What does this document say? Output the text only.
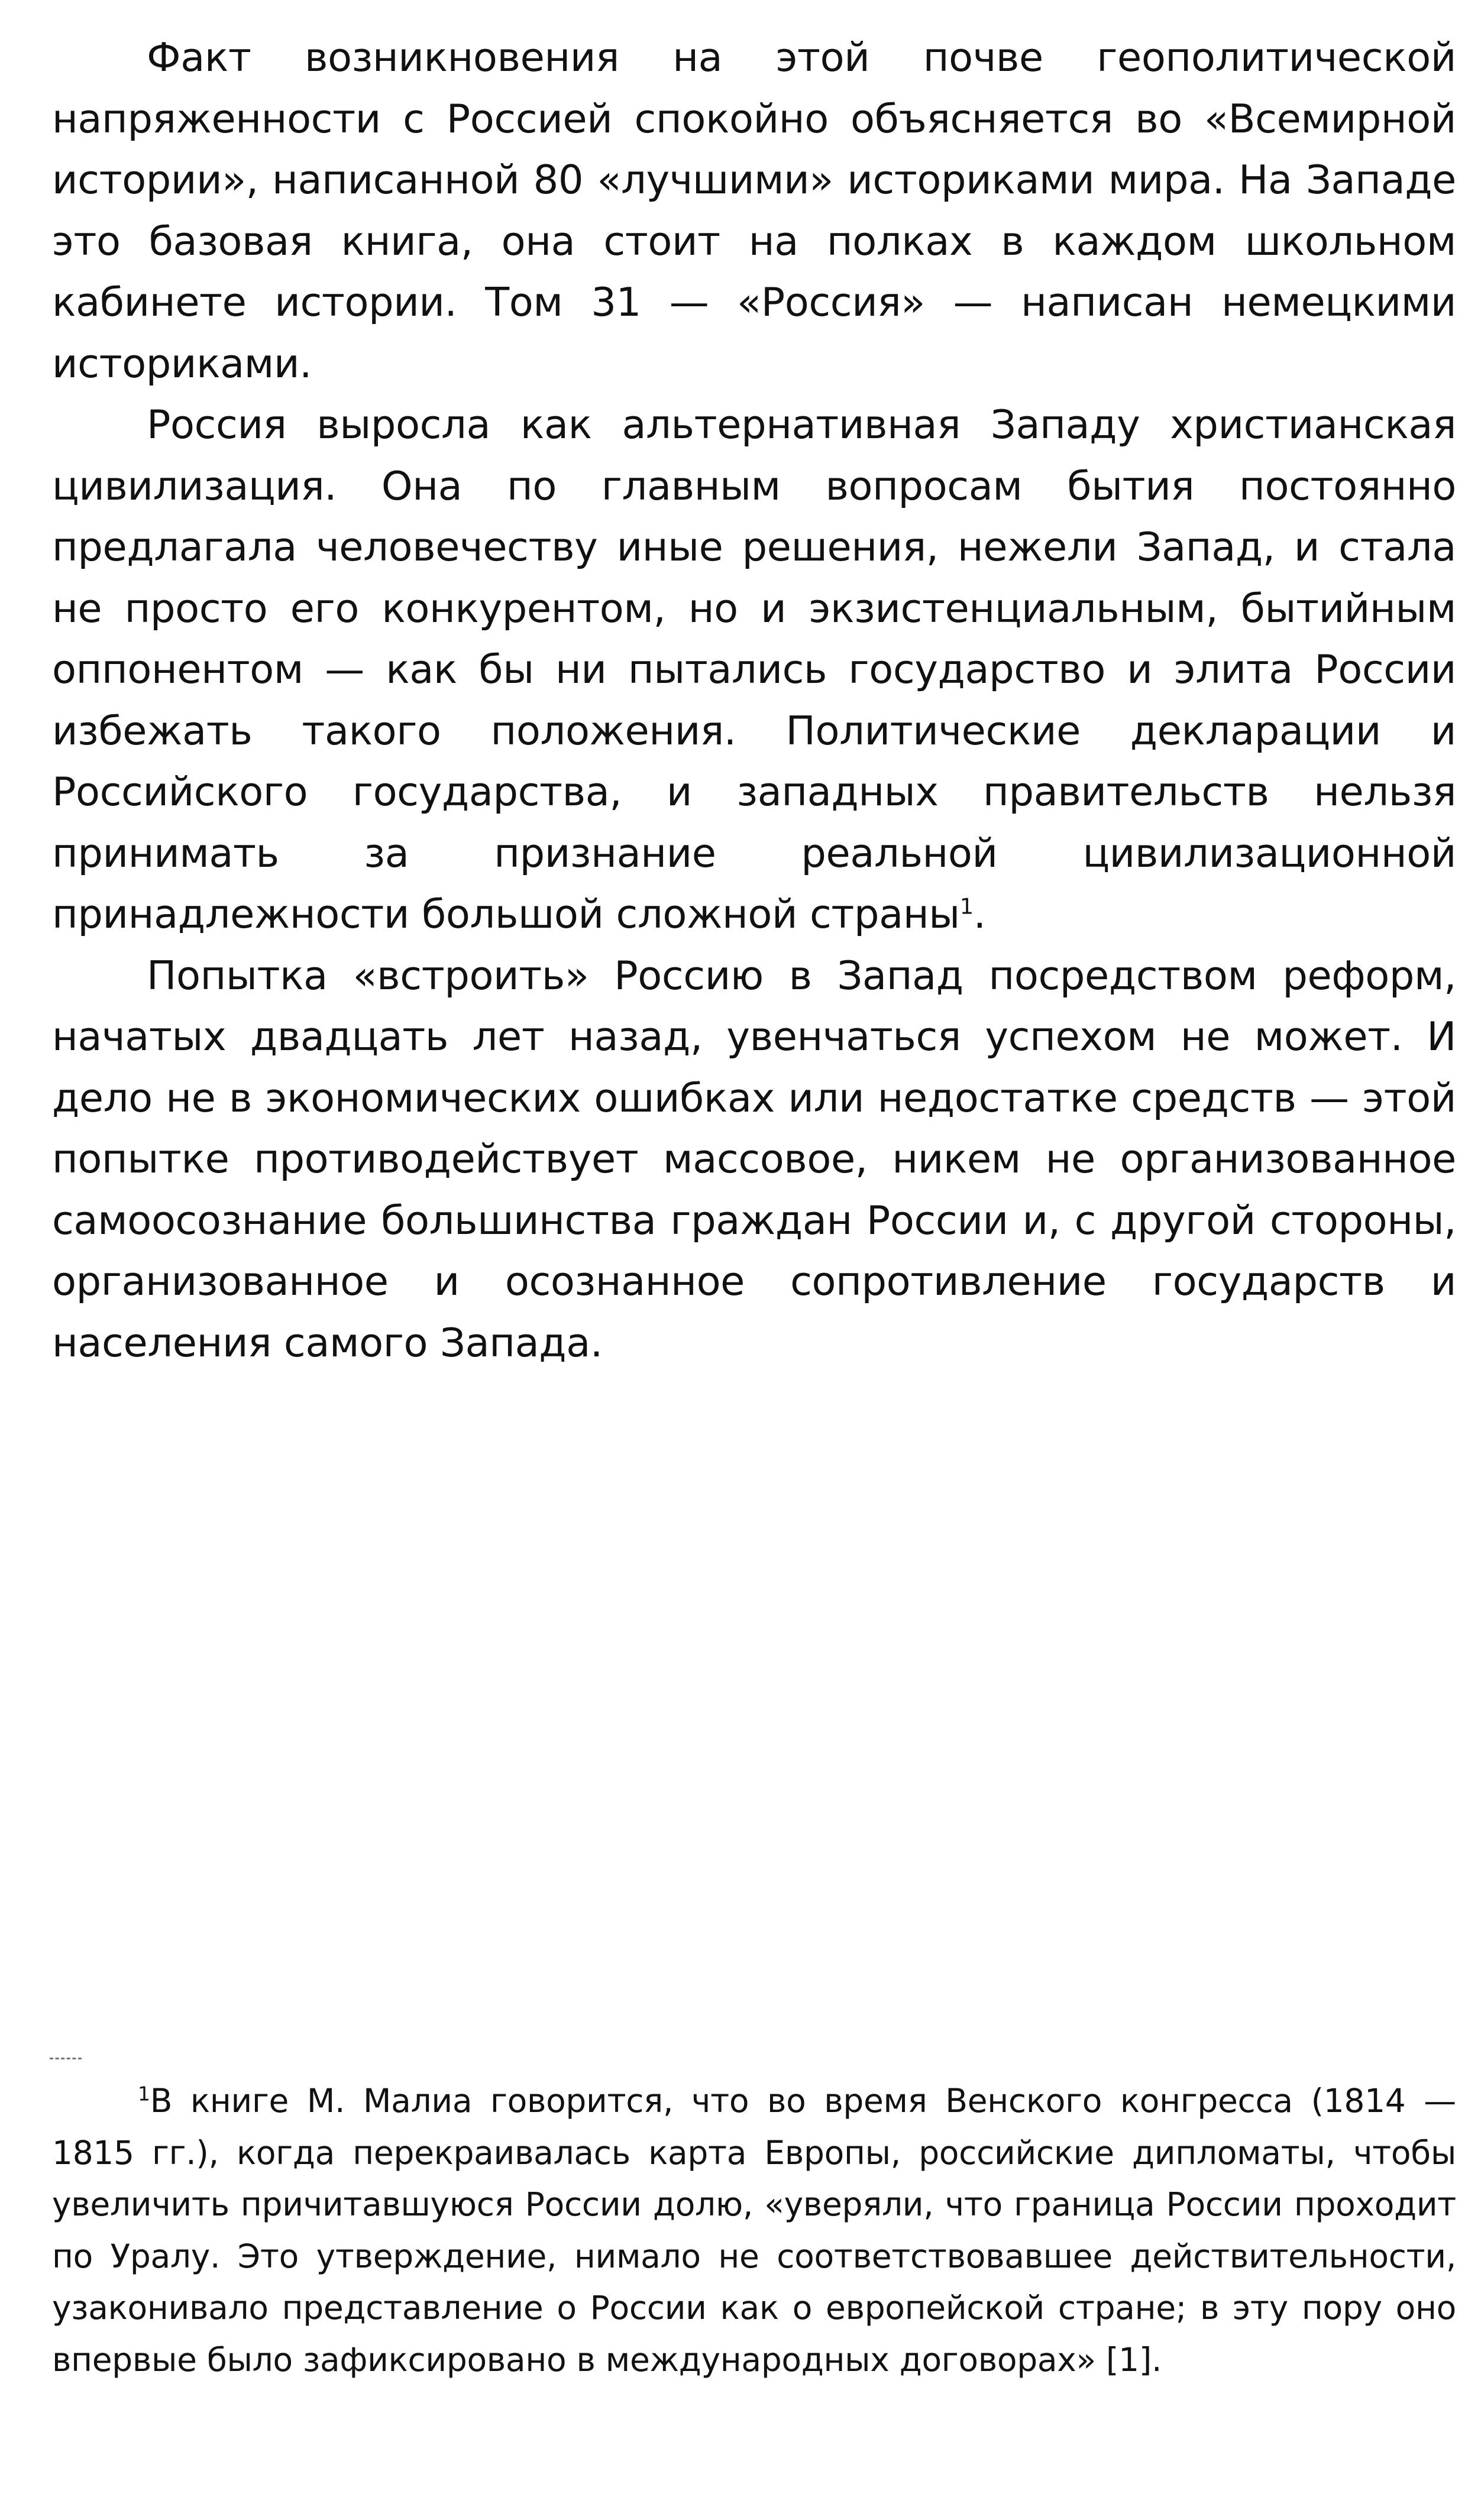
Факт возникновения на этой почве геополитической напряженности с Россией спокойно объясняется во «Всемирной истории», написанной 80 «лучшими» историками мира. На Западе это базовая книга, она стоит на полках в каждом школьном кабинете истории. Том 31 — «Россия» — написан немецкими историками.

Россия выросла как альтернативная Западу христианская цивилизация. Она по главным вопросам бытия постоянно предлагала человечеству иные решения, нежели Запад, и стала не просто его конкурентом, но и экзистенциальным, бытийным оппонентом — как бы ни пытались государство и элита России избежать такого положения. Политические декларации и Российского государства, и западных правительств нельзя принимать за признание реальной цивилизационной принадлежности большой сложной страны$^1$.

Попытка «встроить» Россию в Запад посредством реформ, начатых двадцать лет назад, увенчаться успехом не может. И дело не в экономических ошибках или недостатке средств — этой попытке противодействует массовое, никем не организованное самоосознание большинства граждан России и, с другой стороны, организованное и осознанное сопротивление государств и населения самого Запада.

$^1$В книге М. Малиа говорится, что во время Венского конгресса (1814 — 1815 гг.), когда перекраивалась карта Европы, российские дипломаты, чтобы увеличить причитавшуюся России долю, «уверяли, что граница России проходит по Уралу. Это утверждение, нимало не соответствовавшее действительности, узаконивало представление о России как о европейской стране; в эту пору оно впервые было зафиксировано в международных договорах» [1].
